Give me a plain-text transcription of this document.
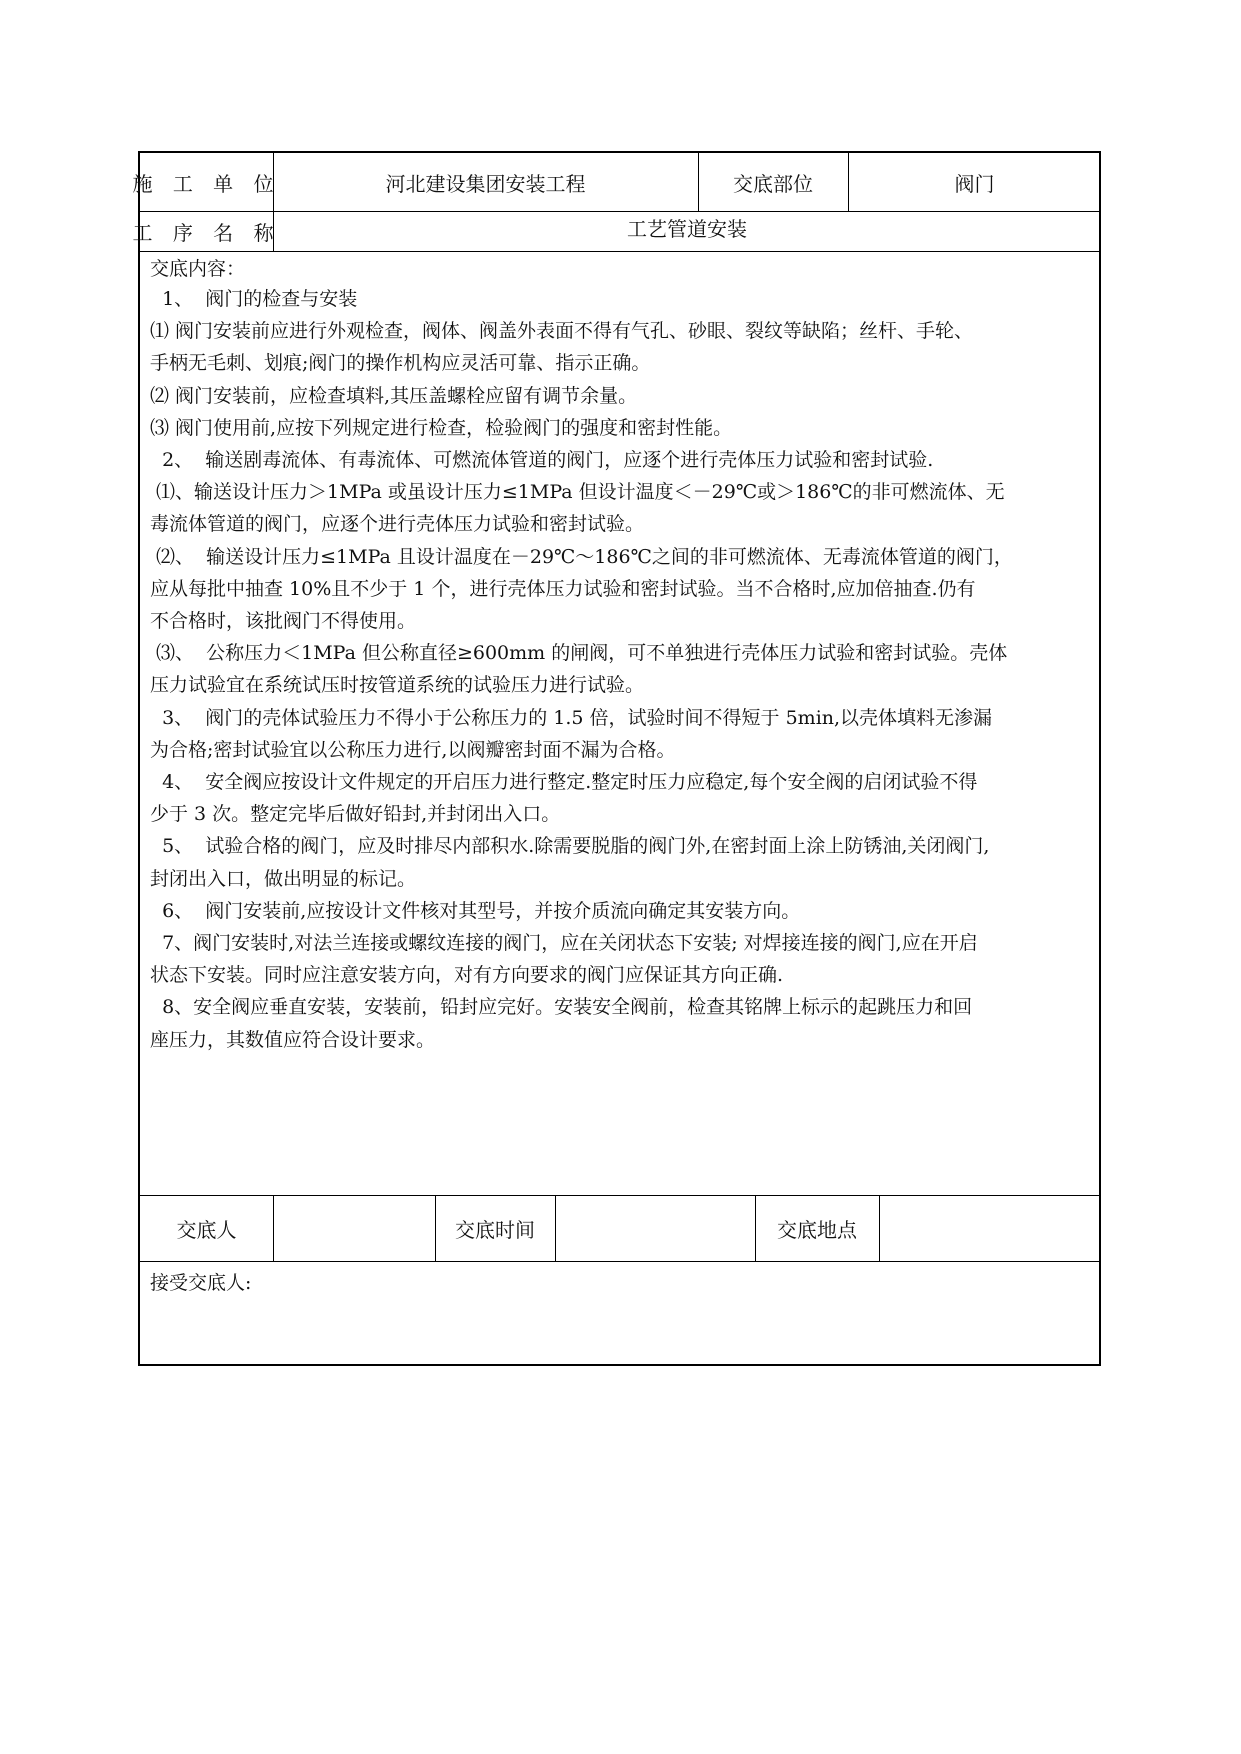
施 工 单 位	河北建设集团安装工程	交底部位	阀门
工 序 名 称	工艺管道安装
交底内容：

1、  阀门的检查与安装

⑴ 阀门安装前应进行外观检查，阀体、阀盖外表面不得有气孔、砂眼、裂纹等缺陷；丝杆、手轮、

手柄无毛刺、划痕;阀门的操作机构应灵活可靠、指示正确。

⑵ 阀门安装前，应检查填料,其压盖螺栓应留有调节余量。

⑶ 阀门使用前,应按下列规定进行检查，检验阀门的强度和密封性能。

2、  输送剧毒流体、有毒流体、可燃流体管道的阀门，应逐个进行壳体压力试验和密封试验.

⑴、输送设计压力＞1MPa 或虽设计压力≤1MPa 但设计温度＜－29℃或＞186℃的非可燃流体、无

毒流体管道的阀门，应逐个进行壳体压力试验和密封试验。

⑵、  输送设计压力≤1MPa 且设计温度在－29℃～186℃之间的非可燃流体、无毒流体管道的阀门，

应从每批中抽查 10%且不少于 1 个，进行壳体压力试验和密封试验。当不合格时,应加倍抽查.仍有

不合格时，该批阀门不得使用。

⑶、  公称压力＜1MPa 但公称直径≥600mm 的闸阀，可不单独进行壳体压力试验和密封试验。壳体

压力试验宜在系统试压时按管道系统的试验压力进行试验。

3、  阀门的壳体试验压力不得小于公称压力的 1.5 倍，试验时间不得短于 5min,以壳体填料无渗漏

为合格;密封试验宜以公称压力进行,以阀瓣密封面不漏为合格。

4、  安全阀应按设计文件规定的开启压力进行整定.整定时压力应稳定,每个安全阀的启闭试验不得

少于 3 次。整定完毕后做好铅封,并封闭出入口。

5、  试验合格的阀门，应及时排尽内部积水.除需要脱脂的阀门外,在密封面上涂上防锈油,关闭阀门,

封闭出入口，做出明显的标记。

6、  阀门安装前,应按设计文件核对其型号，并按介质流向确定其安装方向。

7、阀门安装时,对法兰连接或螺纹连接的阀门，应在关闭状态下安装; 对焊接连接的阀门,应在开启

状态下安装。同时应注意安装方向，对有方向要求的阀门应保证其方向正确.

8、安全阀应垂直安装，安装前，铅封应完好。安装安全阀前，检查其铭牌上标示的起跳压力和回

座压力，其数值应符合设计要求。

交底人	交底时间	交底地点
接受交底人:
